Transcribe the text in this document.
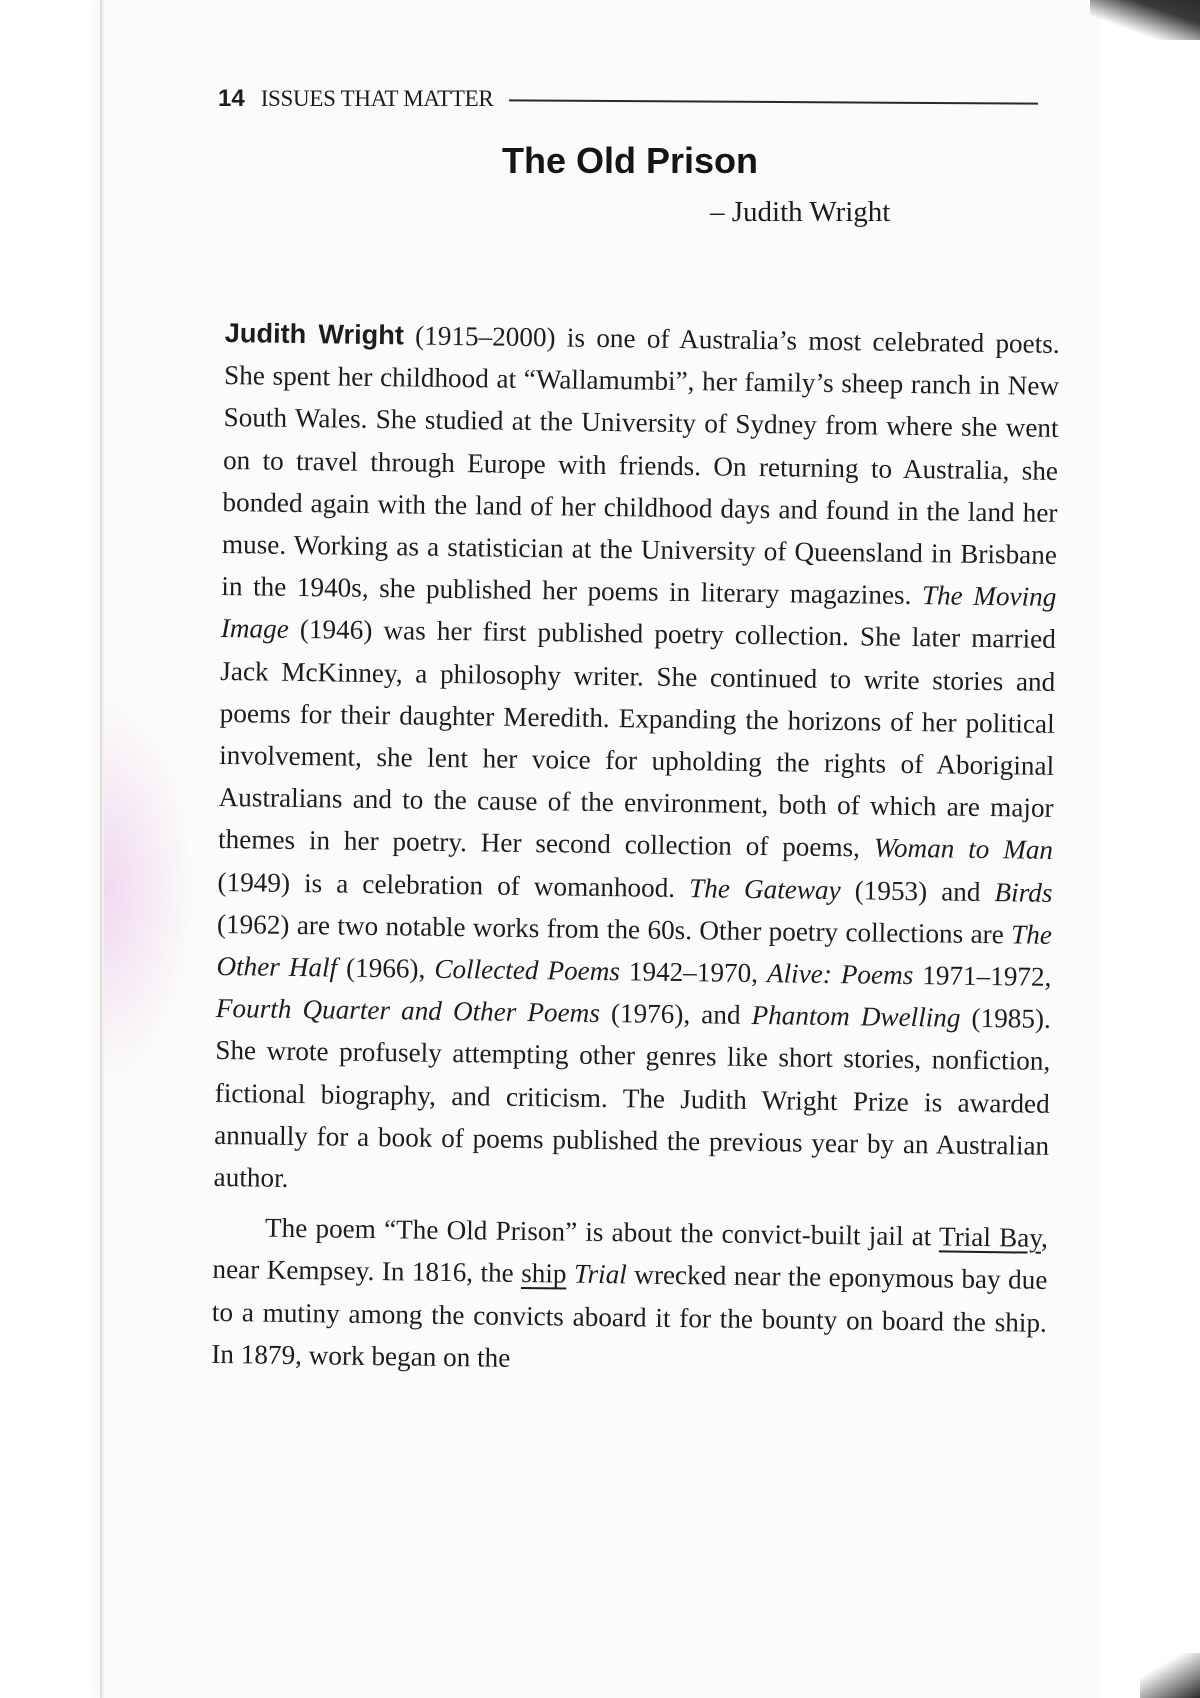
14 ISSUES THAT MATTER
The Old Prison
– Judith Wright

Judith Wright (1915–2000) is one of Australia’s most celebrated poets. She spent her childhood at “Wallamumbi”, her family’s sheep ranch in New South Wales. She studied at the University of Sydney from where she went on to travel through Europe with friends. On returning to Australia, she bonded again with the land of her childhood days and found in the land her muse. Working as a statistician at the University of Queensland in Brisbane in the 1940s, she published her poems in literary magazines. The Moving Image (1946) was her first published poetry collection. She later married Jack McKinney, a philosophy writer. She continued to write stories and poems for their daughter Meredith. Expanding the horizons of her political involvement, she lent her voice for upholding the rights of Aboriginal Australians and to the cause of the environment, both of which are major themes in her poetry. Her second collection of poems, Woman to Man (1949) is a celebration of womanhood. The Gateway (1953) and Birds (1962) are two notable works from the 60s. Other poetry collections are The Other Half (1966), Collected Poems 1942–1970, Alive: Poems 1971–1972, Fourth Quarter and Other Poems (1976), and Phantom Dwelling (1985). She wrote profusely attempting other genres like short stories, nonfiction, fictional biography, and criticism. The Judith Wright Prize is awarded annually for a book of poems published the previous year by an Australian author.

The poem “The Old Prison” is about the convict-built jail at Trial Bay, near Kempsey. In 1816, the ship Trial wrecked near the eponymous bay due to a mutiny among the convicts aboard it for the bounty on board the ship. In 1879, work began on the
